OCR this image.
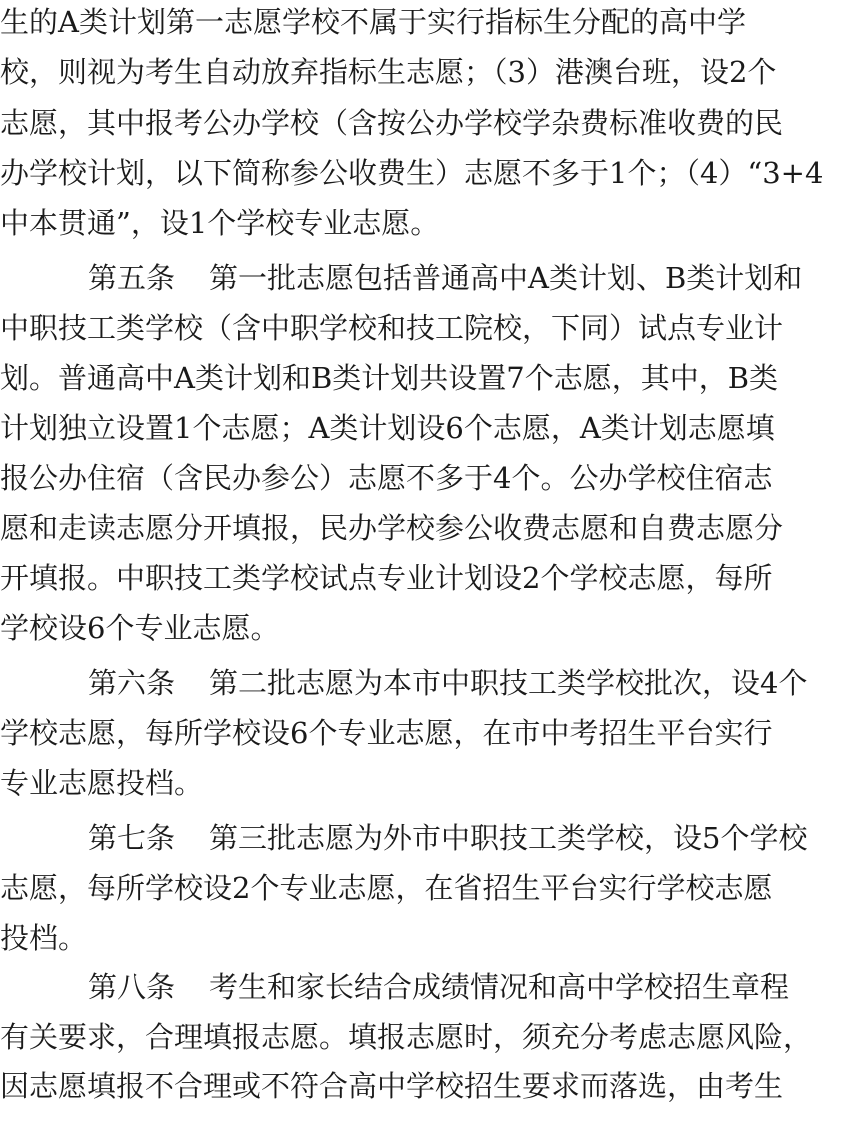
生的A类计划第一志愿学校不属于实行指标生分配的高中学
校，则视为考生自动放弃指标生志愿；（3）港澳台班，设2个
志愿，其中报考公办学校（含按公办学校学杂费标准收费的民
办学校计划，以下简称参公收费生）志愿不多于1个；（4）“3+4
中本贯通”，设1个学校专业志愿。
第五条 第一批志愿包括普通高中A类计划、B类计划和
中职技工类学校（含中职学校和技工院校，下同）试点专业计
划。普通高中A类计划和B类计划共设置7个志愿，其中，B类
计划独立设置1个志愿；A类计划设6个志愿，A类计划志愿填
报公办住宿（含民办参公）志愿不多于4个。公办学校住宿志
愿和走读志愿分开填报，民办学校参公收费志愿和自费志愿分
开填报。中职技工类学校试点专业计划设2个学校志愿，每所
学校设6个专业志愿。
第六条 第二批志愿为本市中职技工类学校批次，设4个
学校志愿，每所学校设6个专业志愿，在市中考招生平台实行
专业志愿投档。
第七条 第三批志愿为外市中职技工类学校，设5个学校
志愿，每所学校设2个专业志愿，在省招生平台实行学校志愿
投档。
第八条 考生和家长结合成绩情况和高中学校招生章程
有关要求，合理填报志愿。填报志愿时，须充分考虑志愿风险，
因志愿填报不合理或不符合高中学校招生要求而落选，由考生
